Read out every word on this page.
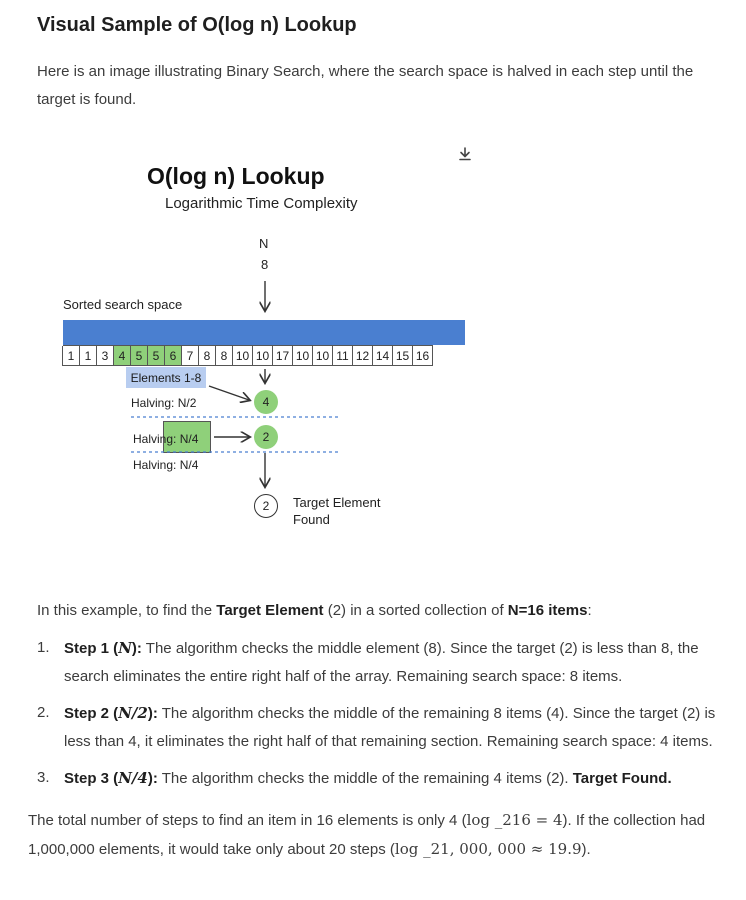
Visual Sample of O(log n) Lookup
Here is an image illustrating Binary Search, where the search space is halved in each step until the target is found.
O(log n) Lookup
Logarithmic Time Complexity
N
8
Sorted search space
1 1 3 4 5 5 6 7 8 8 10 10 17 10 10 11 12 14 15 16
Elements 1-8
Halving: N/2
Halving: N/4
Halving: N/4
4
2
2	Target Element
Found
In this example, to find the Target Element (2) in a sorted collection of N=16 items:
1. Step 1 (N): The algorithm checks the middle element (8). Since the target (2) is less than 8, the search eliminates the entire right half of the array. Remaining search space: 8 items.
2. Step 2 (N/2): The algorithm checks the middle of the remaining 8 items (4). Since the target (2) is less than 4, it eliminates the right half of that remaining section. Remaining search space: 4 items.
3. Step 3 (N/4): The algorithm checks the middle of the remaining 4 items (2). Target Found.
The total number of steps to find an item in 16 elements is only 4 (log _216 = 4). If the collection had 1,000,000 elements, it would take only about 20 steps (log _21, 000, 000 ≈ 19.9).
